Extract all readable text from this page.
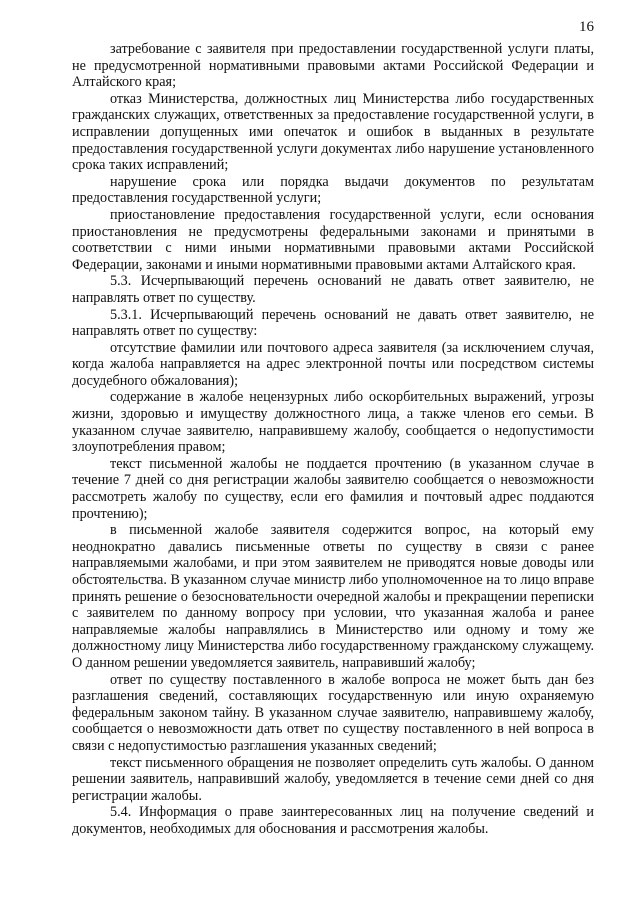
16

затребование с заявителя при предоставлении государственной услуги платы, не предусмотренной нормативными правовыми актами Российской Федерации и Алтайского края;

отказ Министерства, должностных лиц Министерства либо государственных гражданских служащих, ответственных за предоставление государственной услуги, в исправлении допущенных ими опечаток и ошибок в выданных в результате предоставления государственной услуги документах либо нарушение установленного срока таких исправлений;

нарушение срока или порядка выдачи документов по результатам предоставления государственной услуги;

приостановление предоставления государственной услуги, если основания приостановления не предусмотрены федеральными законами и принятыми в соответствии с ними иными нормативными правовыми актами Российской Федерации, законами и иными нормативными правовыми актами Алтайского края.

5.3. Исчерпывающий перечень оснований не давать ответ заявителю, не направлять ответ по существу.

5.3.1. Исчерпывающий перечень оснований не давать ответ заявителю, не направлять ответ по существу:

отсутствие фамилии или почтового адреса заявителя (за исключением случая, когда жалоба направляется на адрес электронной почты или посредством системы досудебного обжалования);

содержание в жалобе нецензурных либо оскорбительных выражений, угрозы жизни, здоровью и имуществу должностного лица, а также членов его семьи. В указанном случае заявителю, направившему жалобу, сообщается о недопустимости злоупотребления правом;

текст письменной жалобы не поддается прочтению (в указанном случае в течение 7 дней со дня регистрации жалобы заявителю сообщается о невозможности рассмотреть жалобу по существу, если его фамилия и почтовый адрес поддаются прочтению);

в письменной жалобе заявителя содержится вопрос, на который ему неоднократно давались письменные ответы по существу в связи с ранее направляемыми жалобами, и при этом заявителем не приводятся новые доводы или обстоятельства. В указанном случае министр либо уполномоченное на то лицо вправе принять решение о безосновательности очередной жалобы и прекращении переписки с заявителем по данному вопросу при условии, что указанная жалоба и ранее направляемые жалобы направлялись в Министерство или одному и тому же должностному лицу Министерства либо государственному гражданскому служащему. О данном решении уведомляется заявитель, направивший жалобу;

ответ по существу поставленного в жалобе вопроса не может быть дан без разглашения сведений, составляющих государственную или иную охраняемую федеральным законом тайну. В указанном случае заявителю, направившему жалобу, сообщается о невозможности дать ответ по существу поставленного в ней вопроса в связи с недопустимостью разглашения указанных сведений;

текст письменного обращения не позволяет определить суть жалобы. О данном решении заявитель, направивший жалобу, уведомляется в течение семи дней со дня регистрации жалобы.

5.4. Информация о праве заинтересованных лиц на получение сведений и документов, необходимых для обоснования и рассмотрения жалобы.
